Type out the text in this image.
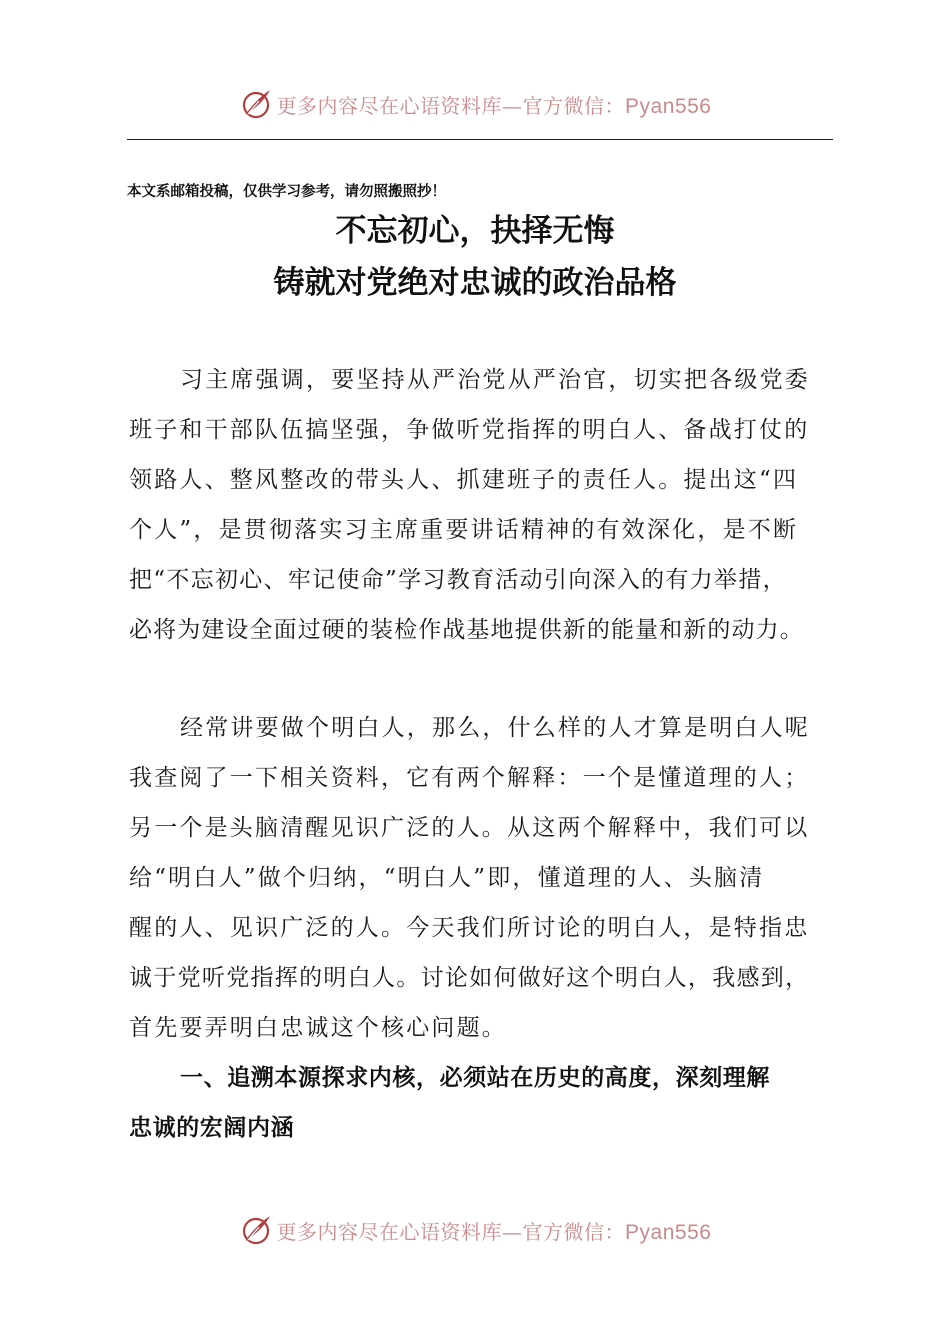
更多内容尽在心语资料库—官方微信：Pyan556
本文系邮箱投稿，仅供学习参考，请勿照搬照抄！
不忘初心，抉择无悔
铸就对党绝对忠诚的政治品格
习主席强调，要坚持从严治党从严治官，切实把各级党委
班子和干部队伍搞坚强，争做听党指挥的明白人、备战打仗的
领路人、整风整改的带头人、抓建班子的责任人。提出这“四
个人”，是贯彻落实习主席重要讲话精神的有效深化，是不断
把“不忘初心、牢记使命”学习教育活动引向深入的有力举措，
必将为建设全面过硬的装检作战基地提供新的能量和新的动力。
经常讲要做个明白人，那么，什么样的人才算是明白人呢
我查阅了一下相关资料，它有两个解释：一个是懂道理的人；
另一个是头脑清醒见识广泛的人。从这两个解释中，我们可以
给“明白人”做个归纳，“明白人”即，懂道理的人、头脑清
醒的人、见识广泛的人。今天我们所讨论的明白人，是特指忠
诚于党听党指挥的明白人。讨论如何做好这个明白人，我感到，
首先要弄明白忠诚这个核心问题。
一、追溯本源探求内核，必须站在历史的高度，深刻理解
忠诚的宏阔内涵
更多内容尽在心语资料库—官方微信：Pyan556
